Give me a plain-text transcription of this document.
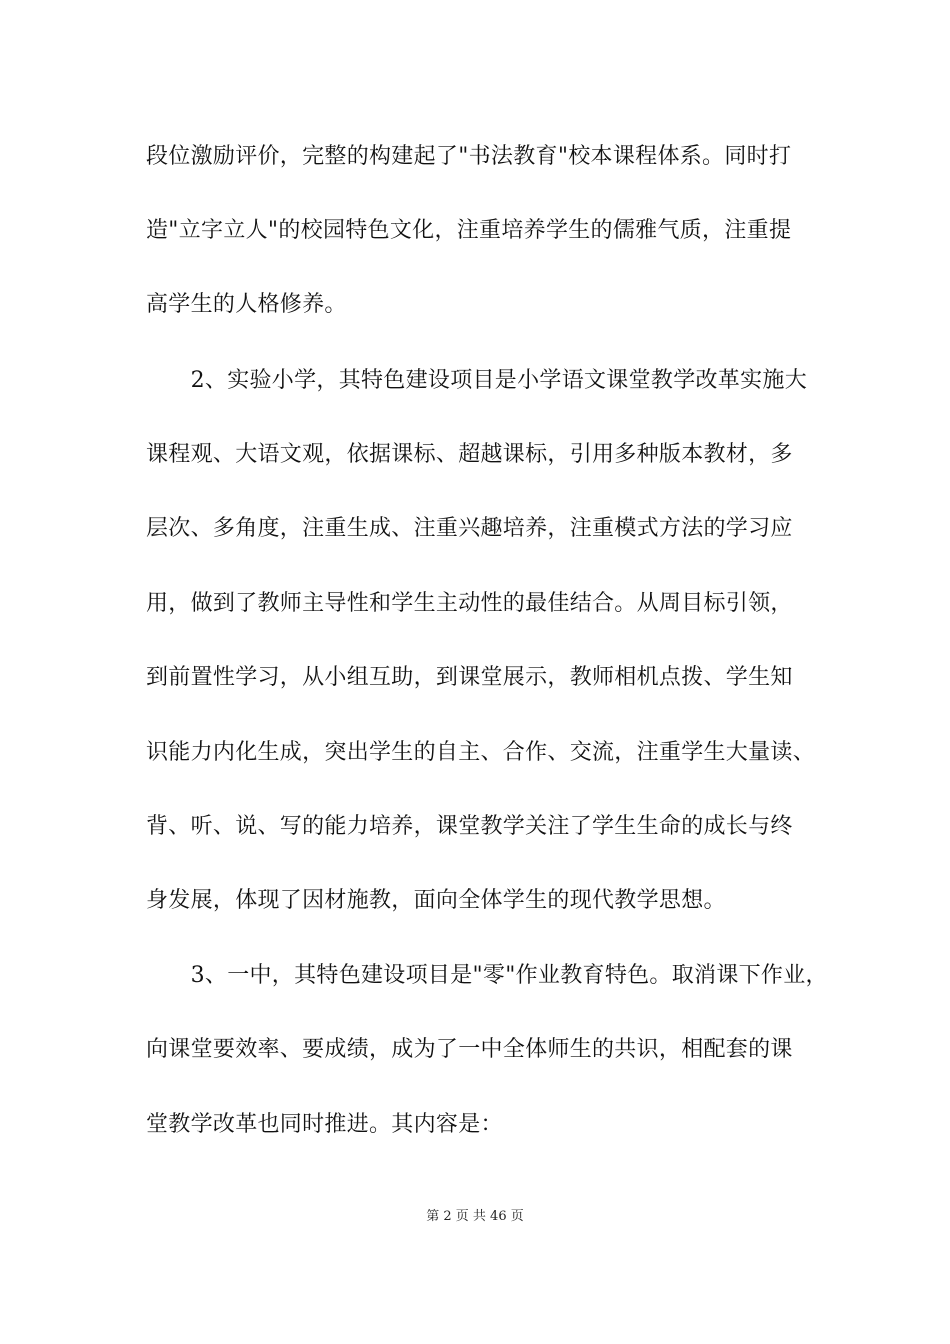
段位激励评价，完整的构建起了"书法教育"校本课程体系。同时打
造"立字立人"的校园特色文化，注重培养学生的儒雅气质，注重提
高学生的人格修养。
　　2、实验小学，其特色建设项目是小学语文课堂教学改革实施大
课程观、大语文观，依据课标、超越课标，引用多种版本教材，多
层次、多角度，注重生成、注重兴趣培养，注重模式方法的学习应
用，做到了教师主导性和学生主动性的最佳结合。从周目标引领，
到前置性学习，从小组互助，到课堂展示，教师相机点拨、学生知
识能力内化生成，突出学生的自主、合作、交流，注重学生大量读、
背、听、说、写的能力培养，课堂教学关注了学生生命的成长与终
身发展，体现了因材施教，面向全体学生的现代教学思想。
　　3、一中，其特色建设项目是"零"作业教育特色。取消课下作业，
向课堂要效率、要成绩，成为了一中全体师生的共识，相配套的课
堂教学改革也同时推进。其内容是：
第 2 页 共 46 页
